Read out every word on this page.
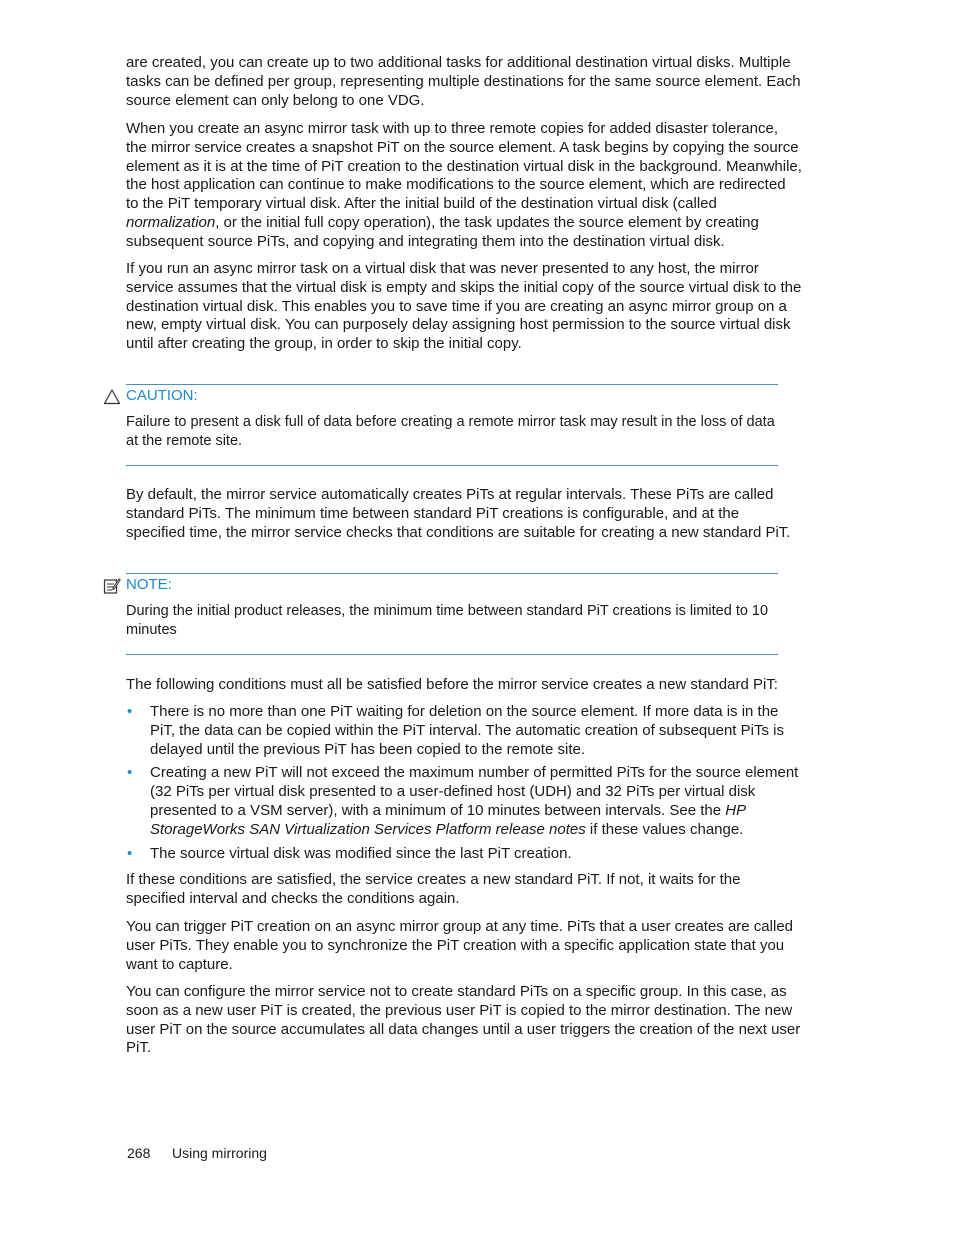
are created, you can create up to two additional tasks for additional destination virtual disks. Multiple tasks can be defined per group, representing multiple destinations for the same source element. Each source element can only belong to one VDG.

When you create an async mirror task with up to three remote copies for added disaster tolerance, the mirror service creates a snapshot PiT on the source element. A task begins by copying the source element as it is at the time of PiT creation to the destination virtual disk in the background. Meanwhile, the host application can continue to make modifications to the source element, which are redirected to the PiT temporary virtual disk. After the initial build of the destination virtual disk (called normalization, or the initial full copy operation), the task updates the source element by creating subsequent source PiTs, and copying and integrating them into the destination virtual disk.

If you run an async mirror task on a virtual disk that was never presented to any host, the mirror service assumes that the virtual disk is empty and skips the initial copy of the source virtual disk to the destination virtual disk. This enables you to save time if you are creating an async mirror group on a new, empty virtual disk. You can purposely delay assigning host permission to the source virtual disk until after creating the group, in order to skip the initial copy.

CAUTION:

Failure to present a disk full of data before creating a remote mirror task may result in the loss of data at the remote site.

By default, the mirror service automatically creates PiTs at regular intervals. These PiTs are called standard PiTs. The minimum time between standard PiT creations is configurable, and at the specified time, the mirror service checks that conditions are suitable for creating a new standard PiT.

NOTE:

During the initial product releases, the minimum time between standard PiT creations is limited to 10 minutes

The following conditions must all be satisfied before the mirror service creates a new standard PiT:

• There is no more than one PiT waiting for deletion on the source element. If more data is in the PiT, the data can be copied within the PiT interval. The automatic creation of subsequent PiTs is delayed until the previous PiT has been copied to the remote site.
• Creating a new PiT will not exceed the maximum number of permitted PiTs for the source element (32 PiTs per virtual disk presented to a user-defined host (UDH) and 32 PiTs per virtual disk presented to a VSM server), with a minimum of 10 minutes between intervals. See the HP StorageWorks SAN Virtualization Services Platform release notes if these values change.
• The source virtual disk was modified since the last PiT creation.

If these conditions are satisfied, the service creates a new standard PiT. If not, it waits for the specified interval and checks the conditions again.

You can trigger PiT creation on an async mirror group at any time. PiTs that a user creates are called user PiTs. They enable you to synchronize the PiT creation with a specific application state that you want to capture.

You can configure the mirror service not to create standard PiTs on a specific group. In this case, as soon as a new user PiT is created, the previous user PiT is copied to the mirror destination. The new user PiT on the source accumulates all data changes until a user triggers the creation of the next user PiT.

268 Using mirroring
